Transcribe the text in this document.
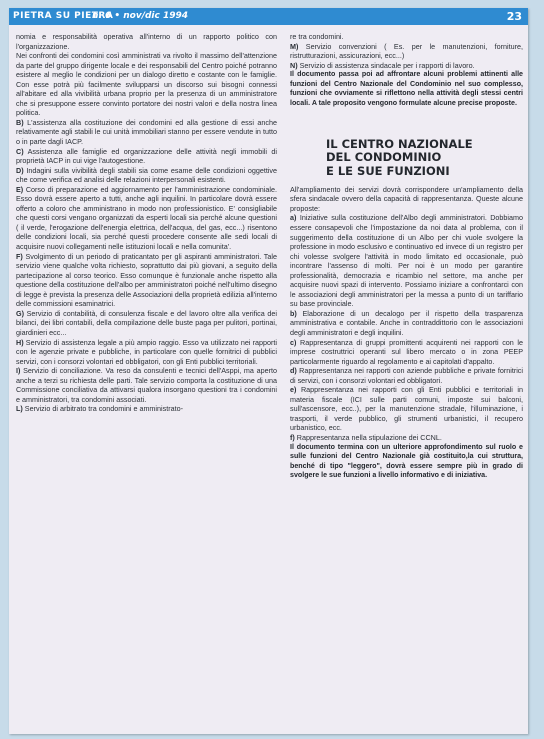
PIETRA SU PIETRA
n. 6 • nov/dic 1994	23

nomia e responsabilità operativa all'interno di un rapporto politico con l'organizzazione.

Nei confronti dei condomini così amministrati va rivolto il massimo dell'attenzione da parte del gruppo dirigente locale e dei responsabili del Centro poiché potranno esistere al meglio le condizioni per un dialogo diretto e costante con le famiglie. Con esse potrà più facilmente svilupparsi un discorso sui bisogni connessi all'abitare ed alla vivibilità urbana proprio per la presenza di un amministratore che si presuppone essere convinto portatore dei nostri valori e della nostra linea politica.

B) L'assistenza alla costituzione dei condomini ed alla gestione di essi anche relativamente agli stabili le cui unità immobiliari stanno per essere vendute in tutto o in parte dagli IACP.

C) Assistenza alle famiglie ed organizzazione delle attività negli immobili di proprietà IACP in cui vige l'autogestione.

D) Indagini sulla vivibilità degli stabili sia come esame delle condizioni oggettive che come verifica ed analisi delle relazioni interpersonali esistenti.

E) Corso di preparazione ed aggiornamento per l'amministrazione condominiale. Esso dovrà essere aperto a tutti, anche agli inquilini. In particolare dovrà essere offerto a coloro che amministrano in modo non professionistico. E' consigliabile che questi corsi vengano organizzati da esperti locali sia perché alcune questioni ( il verde, l'erogazione dell'energia elettrica, dell'acqua, del gas, ecc...) risentono delle condizioni locali, sia perché questi procedere consente alle sedi locali di acquisire nuovi collegamenti nelle istituzioni locali e nella comunita'.

F) Svolgimento di un periodo di praticantato per gli aspiranti amministratori. Tale servizio viene qualche volta richiesto, soprattutto dai più giovani, a seguito della partecipazione al corso teorico. Esso comunque è funzionale anche rispetto alla questione della costituzione dell'albo per amministratori poiché nell'ultimo disegno di legge è prevista la presenza delle Associazioni della proprietà edilizia all'interno delle commissioni esaminatrici.

G) Servizio di contabilità, di consulenza fiscale e del lavoro oltre alla verifica dei bilanci, dei libri contabili, della compilazione delle buste paga per pulitori, portinai, giardinieri ecc...

H) Servizio di assistenza legale a più ampio raggio. Esso va utilizzato nei rapporti con le agenzie private e pubbliche, in particolare con quelle fornitrici di pubblici servizi, con i consorzi volontari ed obbligatori, con gli Enti pubblici territoriali.

I) Servizio di conciliazione. Va reso da consulenti e tecnici dell'Asppi, ma aperto anche a terzi su richiesta delle parti. Tale servizio comporta la costituzione di una Commissione conciliativa da attivarsi qualora insorgano questioni tra i condomini e amministratori, tra condomini associati.

L) Servizio di arbitrato tra condomini e amministrato-

re tra condomini.

M) Servizio convenzioni ( Es. per le manutenzioni, forniture, ristrutturazioni, assicurazioni, ecc...)

N) Servizio di assistenza sindacale per i rapporti di lavoro.

Il documento passa poi ad affrontare alcuni problemi attinenti alle funzioni del Centro Nazionale del Condominio nel suo complesso, funzioni che ovviamente si riflettono nella attività degli stessi centri locali. A tale proposito vengono formulate alcune precise proposte.

IL CENTRO NAZIONALE
DEL CONDOMINIO
E LE SUE FUNZIONI

All'ampliamento dei servizi dovrà corrispondere un'ampliamento della sfera sindacale ovvero della capacità di rappresentanza. Queste alcune proposte:

a) Iniziative sulla costituzione dell'Albo degli amministratori. Dobbiamo essere consapevoli che l'impostazione da noi data al problema, con il suggerimento della costituzione di un Albo per chi vuole svolgere la professione in modo esclusivo e continuativo ed invece di un registro per chi volesse svolgere l'attività in modo limitato ed occasionale, può incontrare l'assenso di molti. Per noi è un modo per garantire professionalità, democrazia e ricambio nel settore, ma anche per acquisire nuovi spazi di intervento. Possiamo iniziare a confrontarci con le associazioni degli amministratori per la messa a punto di un tariffario su base provinciale.

b) Elaborazione di un decalogo per il rispetto della trasparenza amministrativa e contabile. Anche in contraddittorio con le associazioni degli amministratori e degli inquilini.

c) Rappresentanza di gruppi promittenti acquirenti nei rapporti con le imprese costruttrici operanti sul libero mercato o in zona PEEP particolarmente riguardo al regolamento e ai capitolati d'appalto.

d) Rappresentanza nei rapporti con aziende pubbliche e private fornitrici di servizi, con i consorzi volontari ed obbligatori.

e) Rappresentanza nei rapporti con gli Enti pubblici e territoriali in materia fiscale (ICI sulle parti comuni, imposte sui balconi, sull'ascensore, ecc..), per la manutenzione stradale, l'illuminazione, i trasporti, il verde pubblico, gli strumenti urbanistici, il recupero urbanistico, ecc.

f) Rappresentanza nella stipulazione dei CCNL.

Il documento termina con un ulteriore approfondimento sul ruolo e sulle funzioni del Centro Nazionale già costituito,la cui struttura, benché di tipo "leggero", dovrà essere sempre più in grado di svolgere le sue funzioni a livello informativo e di iniziativa.
